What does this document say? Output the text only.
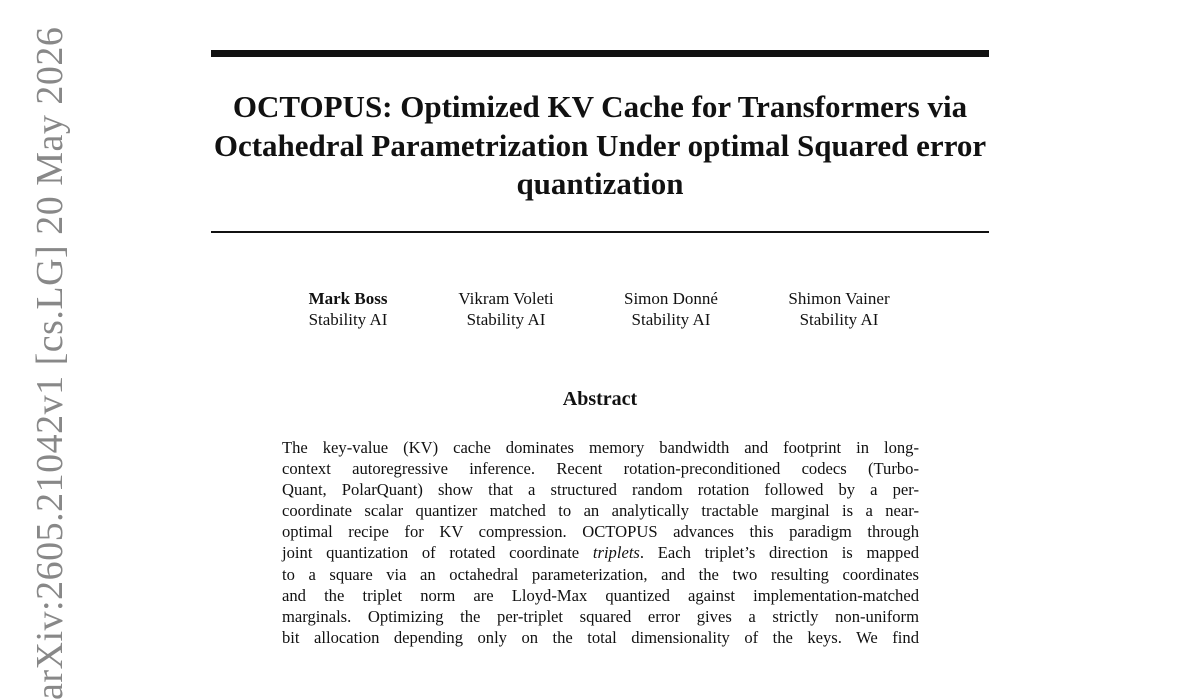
OCTOPUS: Optimized KV Cache for Transformers via Octahedral Parametrization Under optimal Squared error quantization
Mark Boss
Stability AI
Vikram Voleti
Stability AI
Simon Donné
Stability AI
Shimon Vainer
Stability AI
Abstract
The key-value (KV) cache dominates memory bandwidth and footprint in long-
context autoregressive inference. Recent rotation-preconditioned codecs (Turbo-
Quant, PolarQuant) show that a structured random rotation followed by a per-
coordinate scalar quantizer matched to an analytically tractable marginal is a near-
optimal recipe for KV compression. OCTOPUS advances this paradigm through
joint quantization of rotated coordinate triplets. Each triplet’s direction is mapped
to a square via an octahedral parameterization, and the two resulting coordinates
and the triplet norm are Lloyd-Max quantized against implementation-matched
marginals. Optimizing the per-triplet squared error gives a strictly non-uniform
bit allocation depending only on the total dimensionality of the keys. We find
arXiv:2605.21042v1 [cs.LG] 20 May 2026
